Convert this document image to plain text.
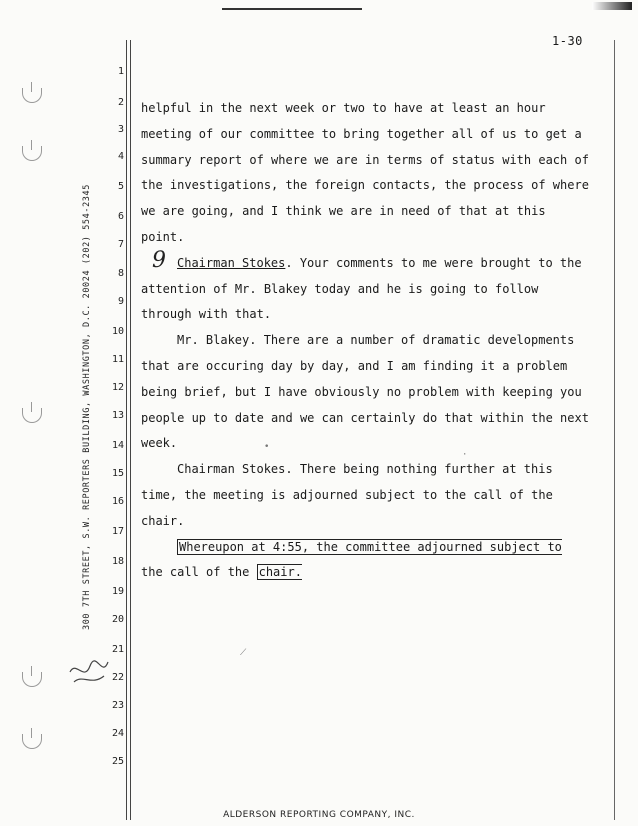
1-30
300 7TH STREET, S.W. REPORTERS BUILDING, WASHINGTON, D.C. 20024 (202) 554-2345
1
2
3
4
5
6
7
8
9
10
11
12
13
14
15
16
17
18
19
20
21
22
23
24
25
9
helpful in the next week or two to have at least an hour
meeting of our committee to bring together all of us to get a
summary report of where we are in terms of status with each of
the investigations, the foreign contacts, the process of where
we are going, and I think we are in need of that at this
point.
Chairman Stokes. Your comments to me were brought to the
attention of Mr. Blakey today and he is going to follow
through with that.
Mr. Blakey. There are a number of dramatic developments
that are occuring day by day, and I am finding it a problem
being brief, but I have obviously no problem with keeping you
people up to date and we can certainly do that within the next
week.
Chairman Stokes. There being nothing further at this
time, the meeting is adjourned subject to the call of the
chair.
Whereupon at 4:55, the committee adjourned subject to
the call of the chair.
⟋
•
·
ALDERSON REPORTING COMPANY, INC.
